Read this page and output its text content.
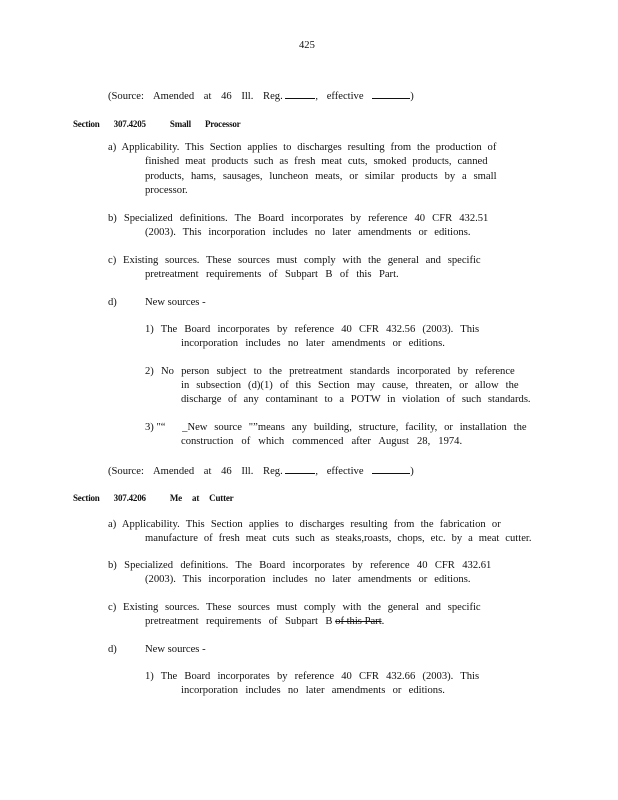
425
(Source: Amended at 46 Ill. Reg.	, effective	)
Section 307.4205	Small Processor
a) Applicability. This Section applies to discharges resulting from the production of
finished meat products such as fresh meat cuts, smoked products, canned
products, hams, sausages, luncheon meats, or similar products by a small
processor.
b) Specialized definitions. The Board incorporates by reference 40 CFR 432.51
(2003). This incorporation includes no later amendments or editions.
c) Existing sources. These sources must comply with the general and specific
pretreatment requirements of Subpart B of this Part.
d)	New sources -
1) The Board incorporates by reference 40 CFR 432.56 (2003). This
incorporation includes no later amendments or editions.
2) No person subject to the pretreatment standards incorporated by reference
in subsection (d)(1) of this Section may cause, threaten, or allow the
discharge of any contaminant to a POTW in violation of such standards.
3) "“ _New source "”means any building, structure, facility, or installation the
construction of which commenced after August 28, 1974.
(Source: Amended at 46 Ill. Reg.	, effective	)
Section 307.4206	Me at Cutter
a) Applicability. This Section applies to discharges resulting from the fabrication or
manufacture of fresh meat cuts such as steaks,roasts, chops, etc. by a meat cutter.
b) Specialized definitions. The Board incorporates by reference 40 CFR 432.61
(2003). This incorporation includes no later amendments or editions.
c) Existing sources. These sources must comply with the general and specific
pretreatment requirements of Subpart B of this Part.
d)	New sources -
1) The Board incorporates by reference 40 CFR 432.66 (2003). This
incorporation includes no later amendments or editions.
